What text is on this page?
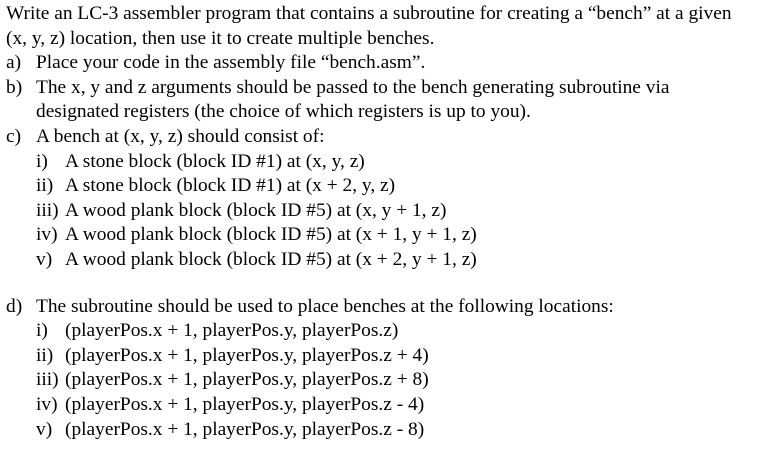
Write an LC-3 assembler program that contains a subroutine for creating a “bench” at a given
(x, y, z) location, then use it to create multiple benches.
a) Place your code in the assembly file “bench.asm”.
b) The x, y and z arguments should be passed to the bench generating subroutine via
designated registers (the choice of which registers is up to you).
c) A bench at (x, y, z) should consist of:
i) A stone block (block ID #1) at (x, y, z)
ii) A stone block (block ID #1) at (x + 2, y, z)
iii) A wood plank block (block ID #5) at (x, y + 1, z)
iv) A wood plank block (block ID #5) at (x + 1, y + 1, z)
v) A wood plank block (block ID #5) at (x + 2, y + 1, z)
d) The subroutine should be used to place benches at the following locations:
i) (playerPos.x + 1, playerPos.y, playerPos.z)
ii) (playerPos.x + 1, playerPos.y, playerPos.z + 4)
iii) (playerPos.x + 1, playerPos.y, playerPos.z + 8)
iv) (playerPos.x + 1, playerPos.y, playerPos.z - 4)
v) (playerPos.x + 1, playerPos.y, playerPos.z - 8)
